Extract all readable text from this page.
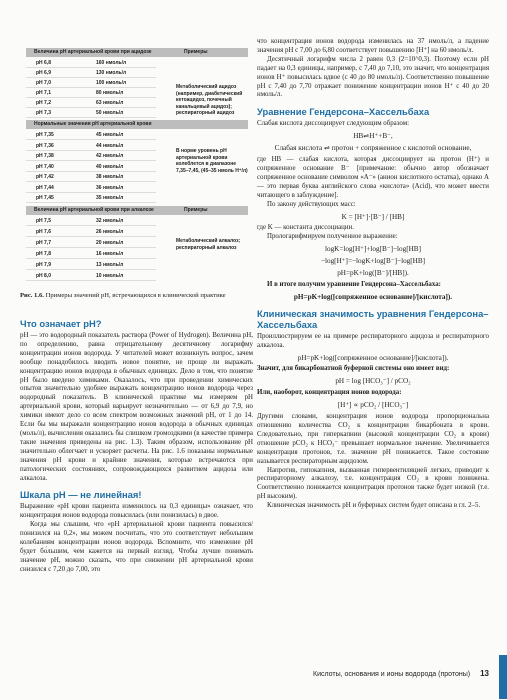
Величина pH артериальной крови при ацидозе	Примеры
pH 6,8	160 нмоль/л
pH 6,9	130 нмоль/л
pH 7,0	100 нмоль/л
pH 7,1	80 нмоль/л
pH 7,2	63 нмоль/л
pH 7,3	50 нмоль/л
Метаболический ацидоз (например, диабетический кетоацидоз, почечный канальцевый ацидоз); респираторный ацидоз
Нормальные значения pH артериальной крови
pH 7,35	45 нмоль/л
pH 7,36	44 нмоль/л
pH 7,38	42 нмоль/л
pH 7,40	40 нмоль/л
pH 7,42	38 нмоль/л
pH 7,44	36 нмоль/л
pH 7,45	35 нмоль/л
В норме уровень pH артериальной крови колеблется в диапазоне 7,35–7,45, (45–35 нмоль H⁺/л)
Величина pH артериальной крови при алкалозе	Примеры
pH 7,5	32 нмоль/л
pH 7,6	26 нмоль/л
pH 7,7	20 нмоль/л
pH 7,8	16 нмоль/л
pH 7,9	13 нмоль/л
pH 8,0	10 нмоль/л
Метаболический алкалоз; респираторный алкалоз
Рис. 1.6. Примеры значений pH, встречающихся в клинической практике
Что означает pH?

pH — это водородный показатель раствора (Power of Hydrogen). Величина pH, по определению, равна отрицательному десятичному логарифму концентрации ионов водорода. У читателей может возникнуть вопрос, зачем вообще понадобилось вводить новое понятие, не проще ли выражать концентрацию ионов водорода в обычных единицах. Дело в том, что понятие pH было введено химиками. Оказалось, что при проведении химических опытов значительно удобнее выражать концентрацию ионов водорода через водородный показатель. В клинической практике мы измеряем pH артериальной крови, который варьирует незначительно — от 6,9 до 7,9, но химики имеют дело со всем спектром возможных значений pH, от 1 до 14. Если бы мы выражали концентрацию ионов водорода в обычных единицах (моль/л), вычисления оказались бы слишком громоздкими (в качестве примера такие значения приведены на рис. 1.3). Таким образом, использование pH значительно облегчает и ускоряет расчеты. На рис. 1.6 показаны нормальные значения pH крови и крайние значения, которые встречаются при патологических состояниях, сопровождающихся развитием ацидоза или алкалоза.

Шкала pH — не линейная!

Выражение «pH крови пациента изменилось на 0,3 единицы» означает, что концентрация ионов водорода повысилась (или понизилась) в двое.

Когда мы слышим, что «pH артериальной крови пациента повысился/понизился на 0,2», мы можем посчитать, что это соответствует небольшим колебаниям концентрации ионов водорода. Вспомните, что изменение pH будет бо́льшим, чем кажется на первый взгляд. Чтобы лучше понимать значение pH, можно сказать, что при снижении pH артериальной крови снизился с 7,20 до 7,00, это

что концентрация ионов водорода изменилась на 37 нмоль/л, а падение значения pH с 7,00 до 6,80 соответствует повышению [H⁺] на 60 нмоль/л.

Десятичный логарифм числа 2 равен 0,3 (2=10^0,3). Поэтому если pH падает на 0,3 единицы, например, с 7,40 до 7,10, это значит, что концентрация ионов H⁺ повысилась вдвое (с 40 до 80 нмоль/л). Соответственно повышение pH с 7,40 до 7,70 отражает понижение концентрации ионов H⁺ с 40 до 20 нмоль/л.

Уравнение Гендерсона–Хассельбаха

Слабая кислота диссоциирует следующим образом:

HB⇌H⁺+B⁻,
Слабая кислота ⇌ протон + сопряженное с кислотой основание,

где HB — слабая кислота, которая диссоциирует на протон (H⁺) и сопряженное основание B⁻ [примечание: обычно автор обозначает сопряженное основание символом «A⁻» (анион кислотного остатка), однако A — это первая буква английского слова «кислота» (Acid), что может ввести читающего в заблуждение].

По закону действующих масс:

K = [H⁺]·[B⁻] / [HB]

где K — константа диссоциации.

Прологарифмируем полученное выражение:

logK=log[H⁺]+log[B⁻]−log[HB]
−log[H⁺]=−logK+log[B⁻]−log[HB]
pH=pK+log([B⁻]/[HB]).

И в итоге получим уравнение Гендерсона–Хассельбаха:

pH=pK+log([сопряженное основание]/[кислота]).
Клиническая значимость уравнения Гендерсона–Хассельбаха

Проиллюстрируем ее на примере респираторного ацидоза и респираторного алкалоза.

pH=pK+log([сопряженное основание]/[кислота]).

Значит, для бикарбонатной буферной системы оно имеет вид:

pH = log [HCO₃⁻] / pCO₂

Или, наоборот, концентрация ионов водорода:

[H⁺] ∝ pCO₂ / [HCO₃⁻]

Другими словами, концентрация ионов водорода пропорциональна отношению количества CO₂ к концентрации бикарбоната в крови. Следовательно, при гиперкапнии (высокой концентрации CO₂ в крови) отношение pCO₂ к HCO₃⁻ превышает нормальное значение. Увеличивается концентрация протонов, т.е. значение pH понижается. Такое состояние называется респираторным ацидозом.

Напротив, гипокапния, вызванная гипервентиляцией легких, приводит к респираторному алкалозу, т.е. концентрация CO₂ в крови понижена. Соответственно понижается концентрация протонов также будет низкой (т.е. pH высоким).

Клиническая значимость pH и буферных систем будет описана в гл. 2–5.

Кислоты, основания и ионы водорода (протоны) 13
